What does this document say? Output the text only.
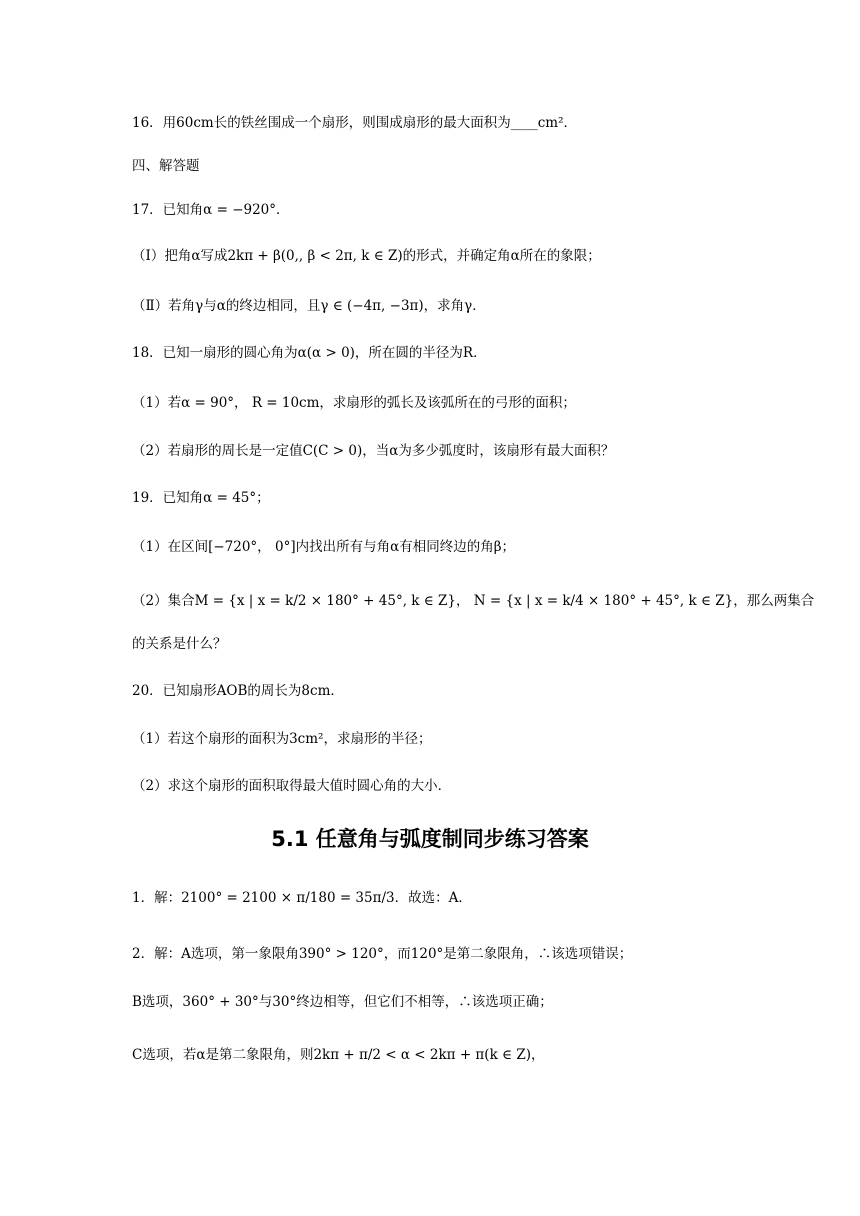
16．用60cm长的铁丝围成一个扇形，则围成扇形的最大面积为____cm²．
四、解答题
17．已知角α = −920°．
（Ⅰ）把角α写成2kπ + β(0,, β < 2π, k ∈ Z)的形式，并确定角α所在的象限；
（Ⅱ）若角γ与α的终边相同，且γ ∈ (−4π, −3π)，求角γ．
18．已知一扇形的圆心角为α(α > 0)，所在圆的半径为R．
（1）若α = 90°， R = 10cm，求扇形的弧长及该弧所在的弓形的面积；
（2）若扇形的周长是一定值C(C > 0)，当α为多少弧度时，该扇形有最大面积？
19．已知角α = 45°；
（1）在区间[−720°， 0°]内找出所有与角α有相同终边的角β；
（2）集合M = {x | x = k/2 × 180° + 45°, k ∈ Z}， N = {x | x = k/4 × 180° + 45°, k ∈ Z}，那么两集合
的关系是什么？
20．已知扇形AOB的周长为8cm．
（1）若这个扇形的面积为3cm²，求扇形的半径；
（2）求这个扇形的面积取得最大值时圆心角的大小．
5.1 任意角与弧度制同步练习答案
1．解：2100° = 2100 × π/180 = 35π/3．故选：A．
2．解：A选项，第一象限角390° > 120°，而120°是第二象限角，∴该选项错误；
B选项，360° + 30°与30°终边相等，但它们不相等，∴该选项正确；
C选项，若α是第二象限角，则2kπ + π/2 < α < 2kπ + π(k ∈ Z)，
